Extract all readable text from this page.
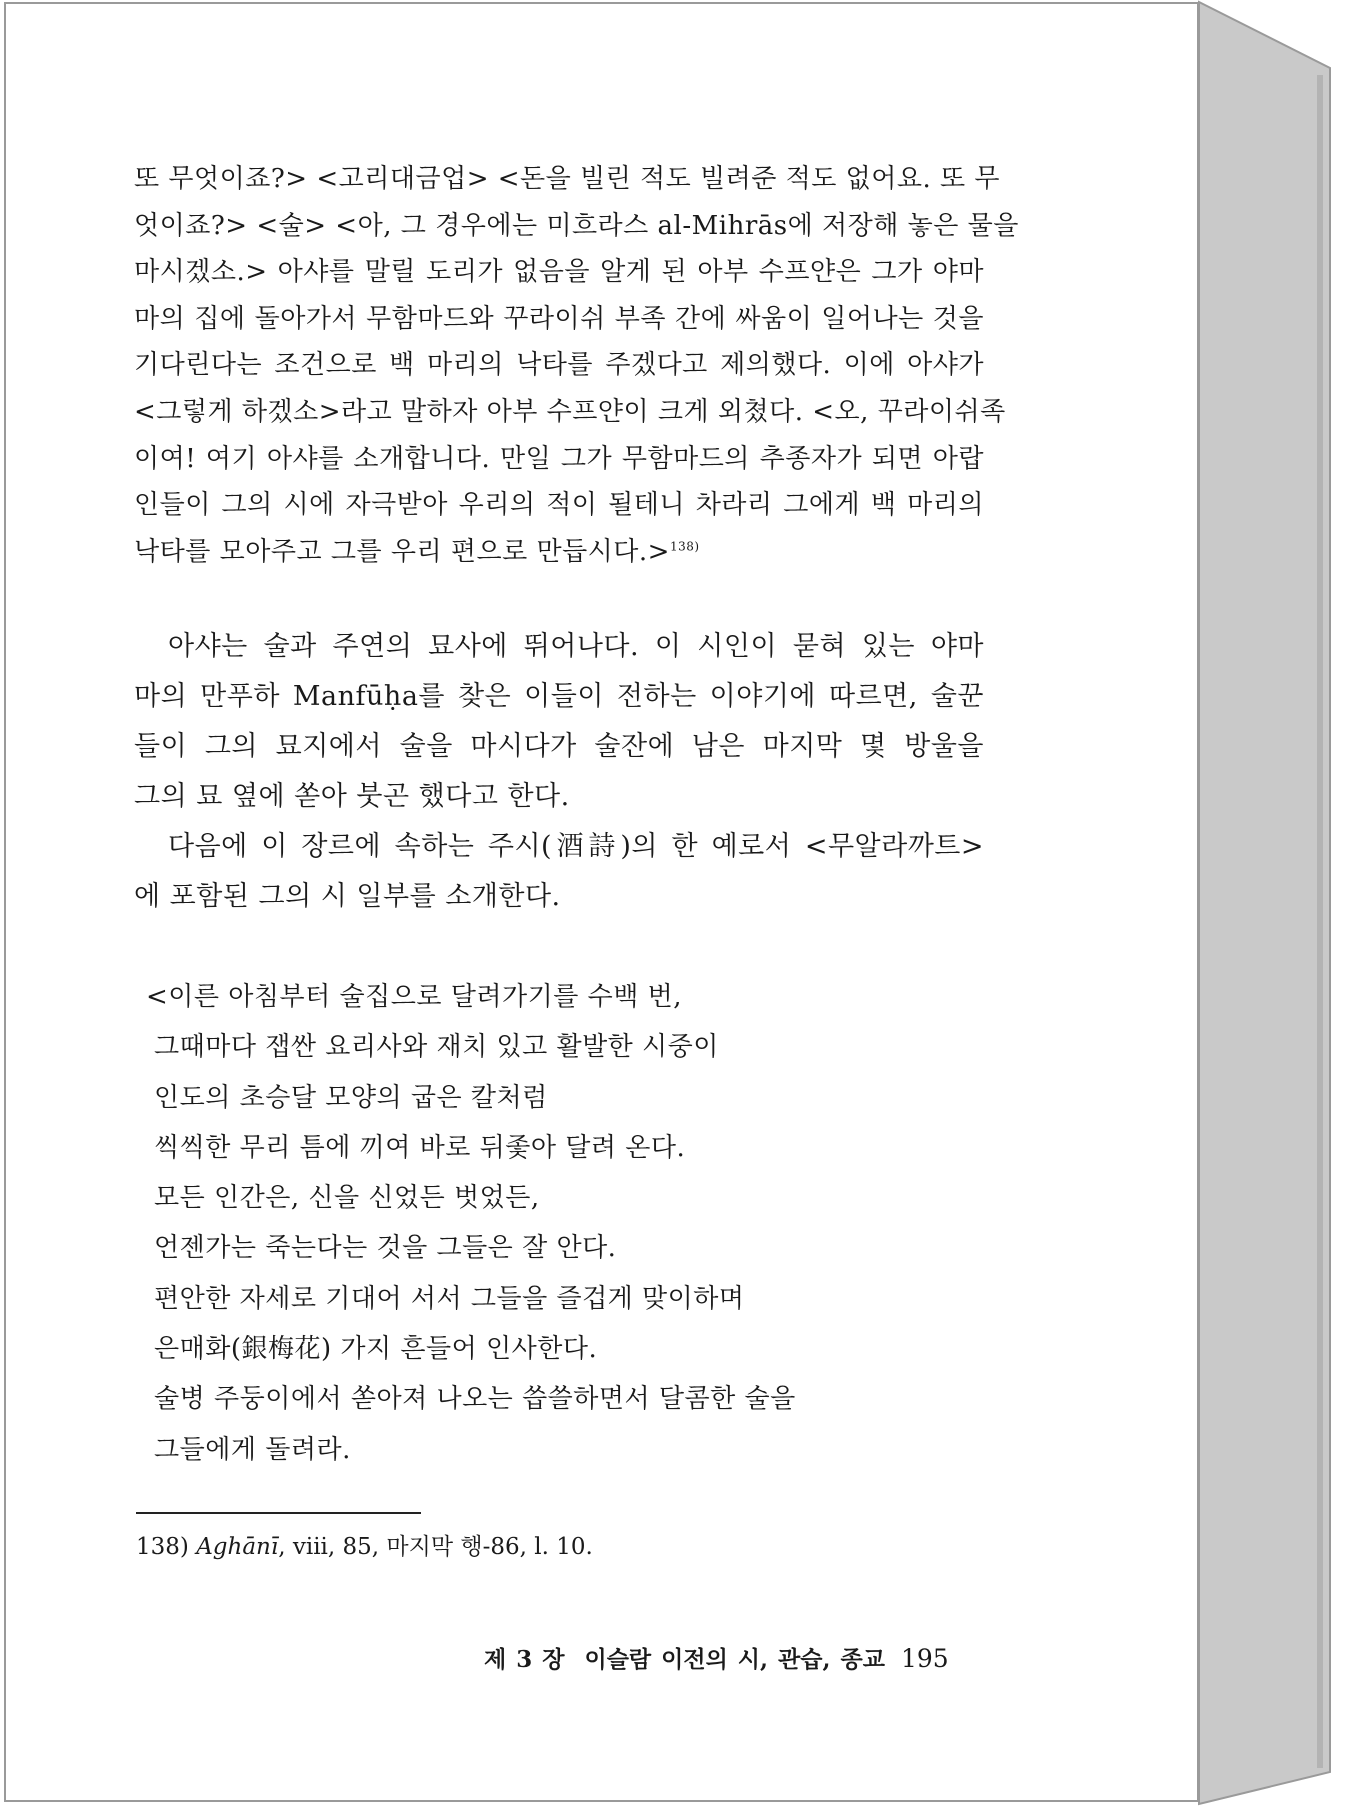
또 무엇이죠?> <고리대금업> <돈을 빌린 적도 빌려준 적도 없어요. 또 무
엇이죠?> <술> <아, 그 경우에는 미흐라스 al-Mihrās에 저장해 놓은 물을
마시겠소.> 아샤를 말릴 도리가 없음을 알게 된 아부 수프얀은 그가 야마
마의 집에 돌아가서 무함마드와 꾸라이쉬 부족 간에 싸움이 일어나는 것을
기다린다는 조건으로 백 마리의 낙타를 주겠다고 제의했다. 이에 아샤가
<그렇게 하겠소>라고 말하자 아부 수프얀이 크게 외쳤다. <오, 꾸라이쉬족
이여! 여기 아샤를 소개합니다. 만일 그가 무함마드의 추종자가 되면 아랍
인들이 그의 시에 자극받아 우리의 적이 될테니 차라리 그에게 백 마리의
낙타를 모아주고 그를 우리 편으로 만듭시다.>$^{138)}$
아샤는 술과 주연의 묘사에 뛰어나다. 이 시인이 묻혀 있는 야마
마의 만푸하 Manfūḥa를 찾은 이들이 전하는 이야기에 따르면, 술꾼
들이 그의 묘지에서 술을 마시다가 술잔에 남은 마지막 몇 방울을
그의 묘 옆에 쏟아 붓곤 했다고 한다.
다음에 이 장르에 속하는 주시(酒詩)의 한 예로서 <무알라까트>
에 포함된 그의 시 일부를 소개한다.
<이른 아침부터 술집으로 달려가기를 수백 번,
그때마다 잽싼 요리사와 재치 있고 활발한 시중이
인도의 초승달 모양의 굽은 칼처럼
씩씩한 무리 틈에 끼여 바로 뒤좇아 달려 온다.
모든 인간은, 신을 신었든 벗었든,
언젠가는 죽는다는 것을 그들은 잘 안다.
편안한 자세로 기대어 서서 그들을 즐겁게 맞이하며
은매화(銀梅花) 가지 흔들어 인사한다.
술병 주둥이에서 쏟아져 나오는 씁쓸하면서 달콤한 술을
그들에게 돌려라.
138) Aghānī, viii, 85, 마지막 행-86, l. 10.
제 3 장 이슬람 이전의 시, 관습, 종교 195
